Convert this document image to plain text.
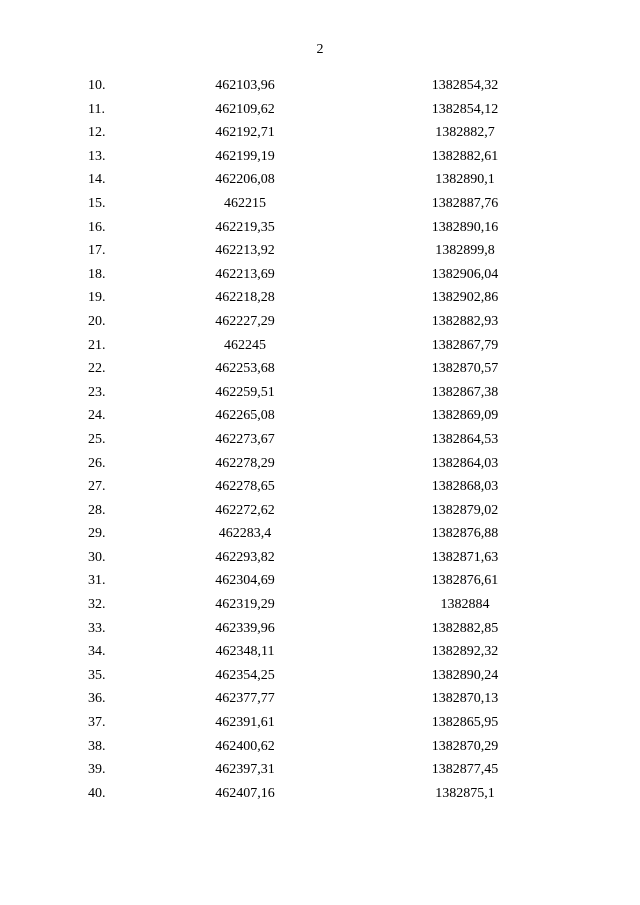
2
10.	462103,96	1382854,32
11.	462109,62	1382854,12
12.	462192,71	1382882,7
13.	462199,19	1382882,61
14.	462206,08	1382890,1
15.	462215	1382887,76
16.	462219,35	1382890,16
17.	462213,92	1382899,8
18.	462213,69	1382906,04
19.	462218,28	1382902,86
20.	462227,29	1382882,93
21.	462245	1382867,79
22.	462253,68	1382870,57
23.	462259,51	1382867,38
24.	462265,08	1382869,09
25.	462273,67	1382864,53
26.	462278,29	1382864,03
27.	462278,65	1382868,03
28.	462272,62	1382879,02
29.	462283,4	1382876,88
30.	462293,82	1382871,63
31.	462304,69	1382876,61
32.	462319,29	1382884
33.	462339,96	1382882,85
34.	462348,11	1382892,32
35.	462354,25	1382890,24
36.	462377,77	1382870,13
37.	462391,61	1382865,95
38.	462400,62	1382870,29
39.	462397,31	1382877,45
40.	462407,16	1382875,1
